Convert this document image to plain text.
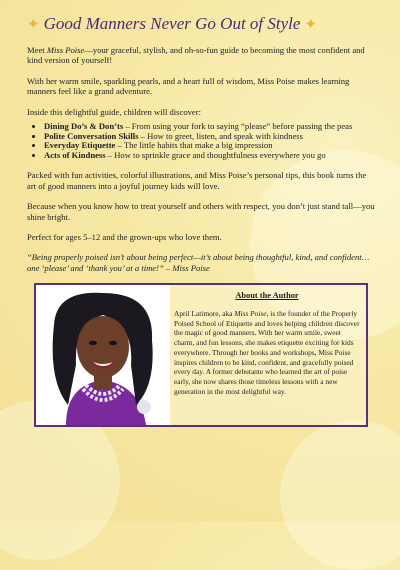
✦ Good Manners Never Go Out of Style ✦

Meet Miss Poise—your graceful, stylish, and oh-so-fun guide to becoming the most confident and kind version of yourself!

With her warm smile, sparkling pearls, and a heart full of wisdom, Miss Poise makes learning manners feel like a grand adventure.

Inside this delightful guide, children will discover:

• Dining Do’s & Don’ts – From using your fork to saying “please” before passing the peas
• Polite Conversation Skills – How to greet, listen, and speak with kindness
• Everyday Etiquette – The little habits that make a big impression
• Acts of Kindness – How to sprinkle grace and thoughtfulness everywhere you go

Packed with fun activities, colorful illustrations, and Miss Poise’s personal tips, this book turns the art of good manners into a joyful journey kids will love.

Because when you know how to treat yourself and others with respect, you don’t just stand tall—you shine bright.

Perfect for ages 5–12 and the grown-ups who love them.

“Being properly poised isn’t about being perfect—it’s about being thoughtful, kind, and confident… one ‘please’ and ‘thank you’ at a time!” – Miss Poise

About the Author

April Latimore, aka Miss Poise, is the founder of the Properly Poised School of Etiquette and loves helping children discover the magic of good manners. With her warm smile, sweet charm, and fun lessons, she makes etiquette exciting for kids everywhere. Through her books and workshops, Miss Poise inspires children to be kind, confident, and gracefully poised every day. A former debutante who learned the art of poise early, she now shares those timeless lessons with a new generation in the most delightful way.
